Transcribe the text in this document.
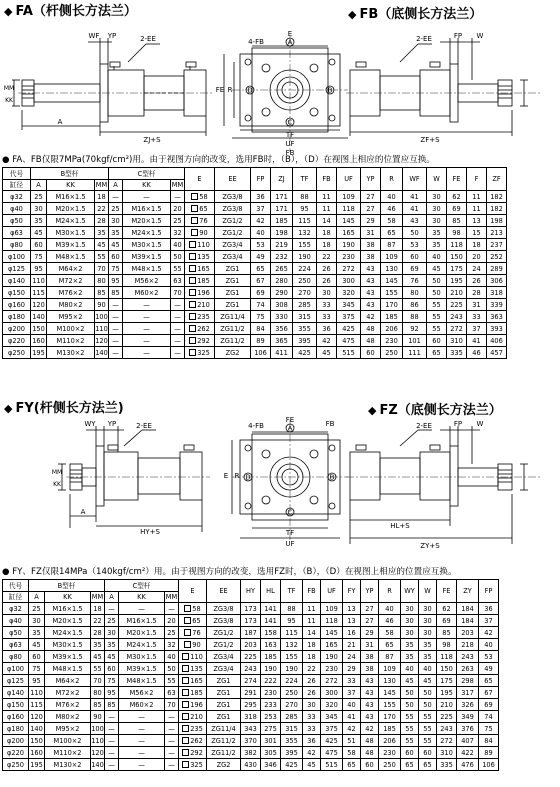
◆ FA（杆侧长方法兰）	◆ FB（底侧长方法兰）
WF YP	2-EE
MM
KK
A
ZJ+S
4-FB	A
B
C
D
E
FE R
TF
UF
FB
2-EE	FP W
ZF+S
● FA、FB仅限7MPa(70kgf/cm²)用。由于视图方向的改变，选用FB时，（B），（D）在视图上相应的位置应互换。
代号	B型杆			C型杆			E	EE	FP	ZJ	TF	FB	UF	YP	R	WF	W	FE	F	ZF
缸径	A	KK	MM	A	KK	MM														
φ32	25	M16×1.5	18	—	—	—	58	ZG3/8	36	171	88	11	109	27	40	41	30	62	11	182
φ40	30	M20×1.5	22	25	M16×1.5	20	65	ZG3/8	37	171	95	11	118	27	46	41	30	69	11	182
φ50	35	M24×1.5	28	30	M20×1.5	25	76	ZG1/2	42	185	115	14	145	29	58	43	30	85	13	198
φ63	45	M30×1.5	35	35	M24×1.5	32	90	ZG1/2	40	198	132	18	165	31	65	50	35	98	15	213
φ80	60	M39×1.5	45	45	M30×1.5	40	110	ZG3/4	53	219	155	18	190	38	87	53	35	118	18	237
φ100	75	M48×1.5	55	60	M39×1.5	50	135	ZG3/4	49	232	190	22	230	38	109	60	40	150	20	252
φ125	95	M64×2	70	75	M48×1.5	55	165	ZG1	65	265	224	26	272	43	130	69	45	175	24	289
φ140	110	M72×2	80	95	M56×2	63	185	ZG1	67	280	250	26	300	43	145	76	50	195	26	306
φ150	115	M76×2	85	85	M60×2	70	196	ZG1	69	290	270	30	320	43	155	80	50	210	28	318
φ160	120	M80×2	90	—	—	—	210	ZG1	74	308	285	33	345	43	170	86	55	225	31	339
φ180	140	M95×2	100	—	—	—	235	ZG11/4	75	330	315	33	375	42	185	88	55	243	33	363
φ200	150	M100×2	110	—	—	—	262	ZG11/2	84	356	355	36	425	48	206	92	55	272	37	393
φ220	160	M110×2	120	—	—	—	292	ZG11/2	89	365	395	42	475	48	230	101	60	310	41	406
φ250	195	M130×2	140	—	—	—	325	ZG2	106	411	425	45	515	60	250	111	65	335	46	457
◆ FY(杆侧长方法兰)	◆ FZ（底侧长方法兰）
WY YP	2-EE
MM
KK
A
HY+S
4-FB	A
B
C
D
FE
E R
TF
UF
FB	2-EE	FP W
HL+S
ZY+S
● FY、FZ仅限14MPa（140kgf/cm²）用。由于视图方向的改变，选用FZ时，（B），（D）在视图上相应的位置应互换。
代号	B型杆			C型杆			E	EE	HY	HL	TF	FB	UF	FY	YP	R	WY	W	FE	ZY	FP
缸径	A	KK	MM	A	KK	MM															
φ32	25	M16×1.5	18	—	—	—	58	ZG3/8	173	141	88	11	109	13	27	40	30	30	62	184	36
φ40	30	M20×1.5	22	25	M16×1.5	20	65	ZG3/8	173	141	95	11	118	13	27	46	30	30	69	184	37
φ50	35	M24×1.5	28	30	M20×1.5	25	76	ZG1/2	187	158	115	14	145	16	29	58	30	30	85	203	42
φ63	45	M30×1.5	35	35	M24×1.5	32	90	ZG1/2	203	163	132	18	165	21	31	65	35	35	98	218	40
φ80	60	M39×1.5	45	45	M30×1.5	40	110	ZG3/4	225	185	155	18	190	24	38	87	35	35	118	243	53
φ100	75	M48×1.5	55	60	M39×1.5	50	135	ZG3/4	243	190	190	22	230	29	38	109	40	40	150	263	49
φ125	95	M64×2	70	75	M48×1.5	55	165	ZG1	274	222	224	26	272	33	43	130	45	45	175	298	65
φ140	110	M72×2	80	95	M56×2	63	185	ZG1	291	230	250	26	300	37	43	145	50	50	195	317	67
φ150	115	M76×2	85	85	M60×2	70	196	ZG1	295	233	270	30	320	40	43	155	50	50	210	326	69
φ160	120	M80×2	90	—	—	—	210	ZG1	318	253	285	33	345	41	43	170	55	55	225	349	74
φ180	140	M95×2	100	—	—	—	235	ZG11/4	343	275	315	33	375	42	42	185	55	55	243	376	75
φ200	150	M100×2	110	—	—	—	262	ZG11/2	370	301	355	36	425	51	48	206	55	55	272	407	84
φ220	160	M110×2	120	—	—	—	292	ZG11/2	382	305	395	42	475	58	48	230	60	60	310	422	89
φ250	195	M130×2	140	—	—	—	325	ZG2	430	346	425	45	515	65	60	250	65	65	335	476	106
